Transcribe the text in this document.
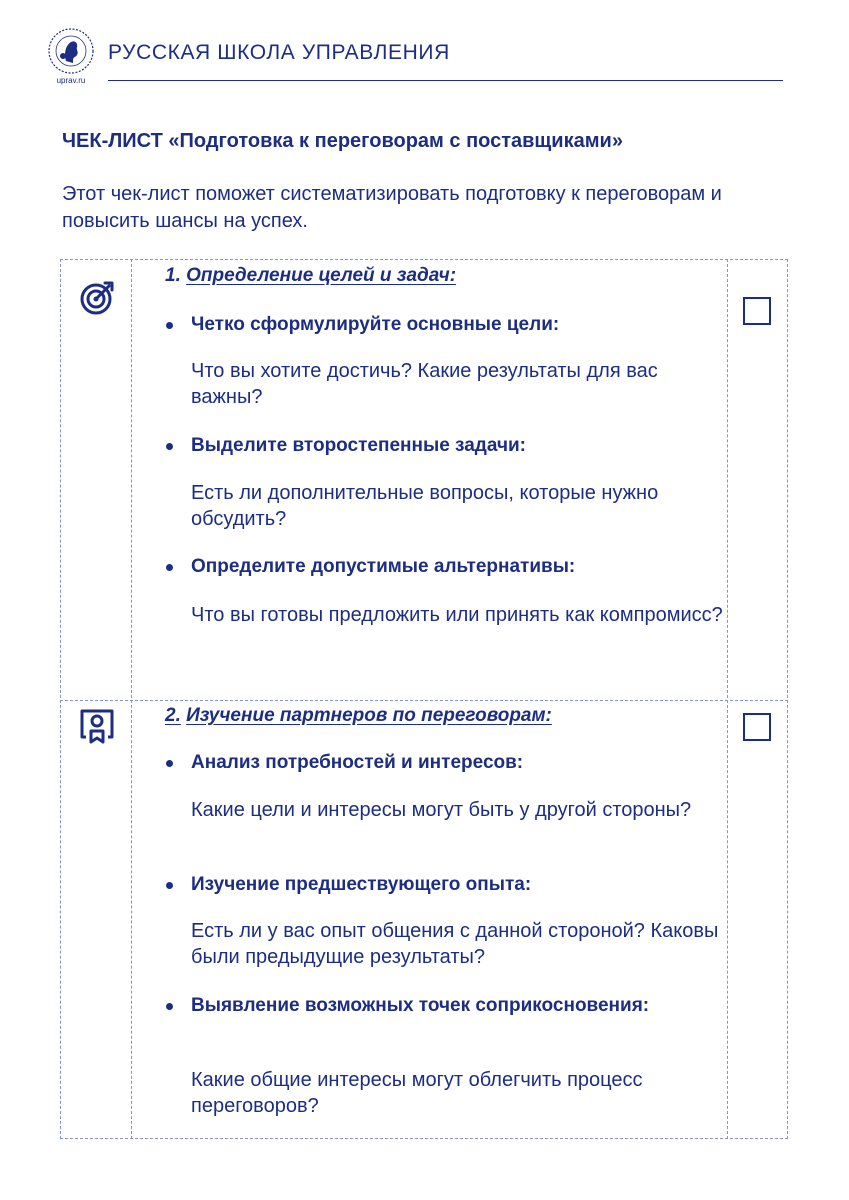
uprav.ru
РУССКАЯ ШКОЛА УПРАВЛЕНИЯ
ЧЕК-ЛИСТ «Подготовка к переговорам с поставщиками»
Этот чек-лист поможет систематизировать подготовку к переговорам и повысить шансы на успех.
1. Определение целей и задач:
Четко сформулируйте основные цели:
Что вы хотите достичь? Какие результаты для вас важны?
Выделите второстепенные задачи:
Есть ли дополнительные вопросы, которые нужно обсудить?
Определите допустимые альтернативы:
Что вы готовы предложить или принять как компромисс?
2. Изучение партнеров по переговорам:
Анализ потребностей и интересов:
Какие цели и интересы могут быть у другой стороны?
Изучение предшествующего опыта:
Есть ли у вас опыт общения с данной стороной? Каковы были предыдущие результаты?
Выявление возможных точек соприкосновения:
Какие общие интересы могут облегчить процесс переговоров?
